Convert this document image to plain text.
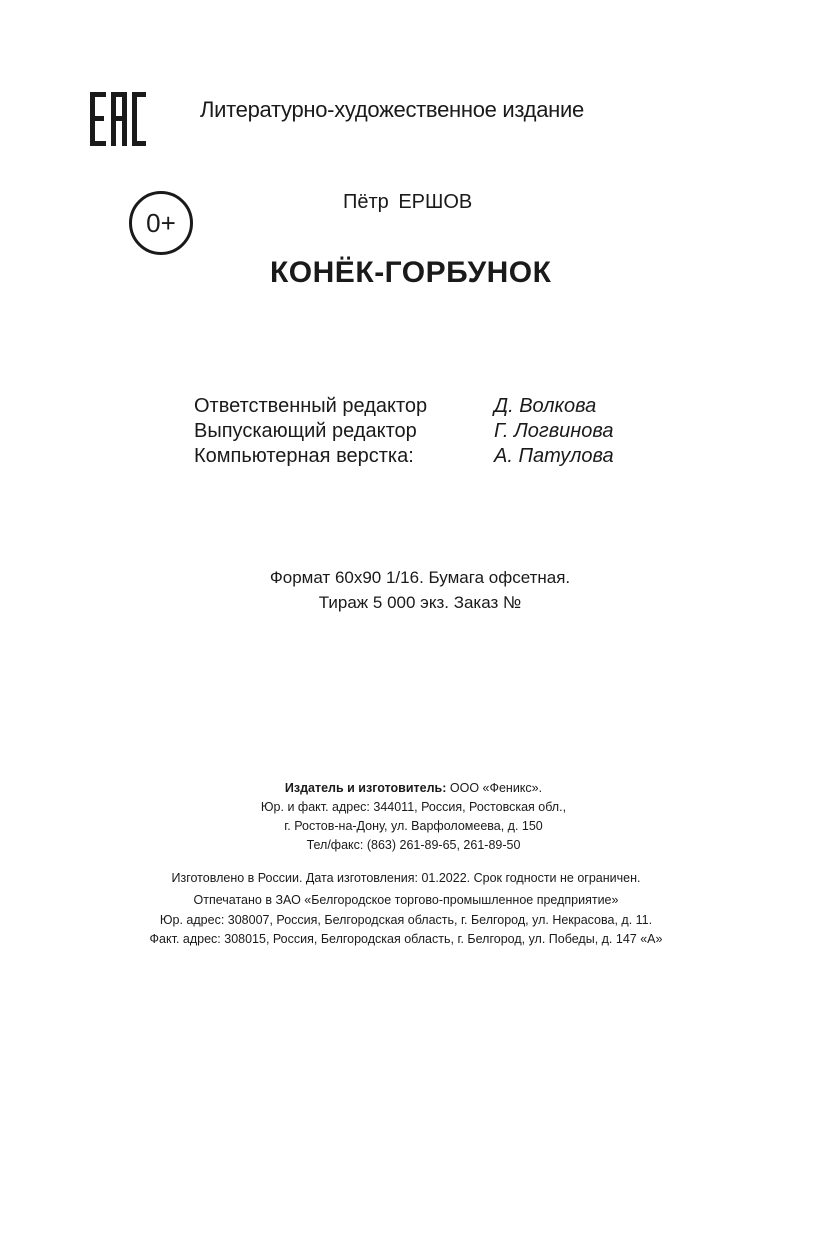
Литературно-художественное издание
0+
Пётр ЕРШОВ
КОНЁК-ГОРБУНОК
Ответственный редактор	Д. Волкова
Выпускающий редактор	Г. Логвинова
Компьютерная верстка:	А. Патулова
Формат 60х90 1/16. Бумага офсетная.
Тираж 5 000 экз. Заказ №
Издатель и изготовитель: ООО «Феникс».
Юр. и факт. адрес: 344011, Россия, Ростовская обл.,
г. Ростов-на-Дону, ул. Варфоломеева, д. 150
Тел/факс: (863) 261-89-65, 261-89-50
Изготовлено в России. Дата изготовления: 01.2022. Срок годности не ограничен.
Отпечатано в ЗАО «Белгородское торгово-промышленное предприятие»
Юр. адрес: 308007, Россия, Белгородская область, г. Белгород, ул. Некрасова, д. 11.
Факт. адрес: 308015, Россия, Белгородская область, г. Белгород, ул. Победы, д. 147 «А»
